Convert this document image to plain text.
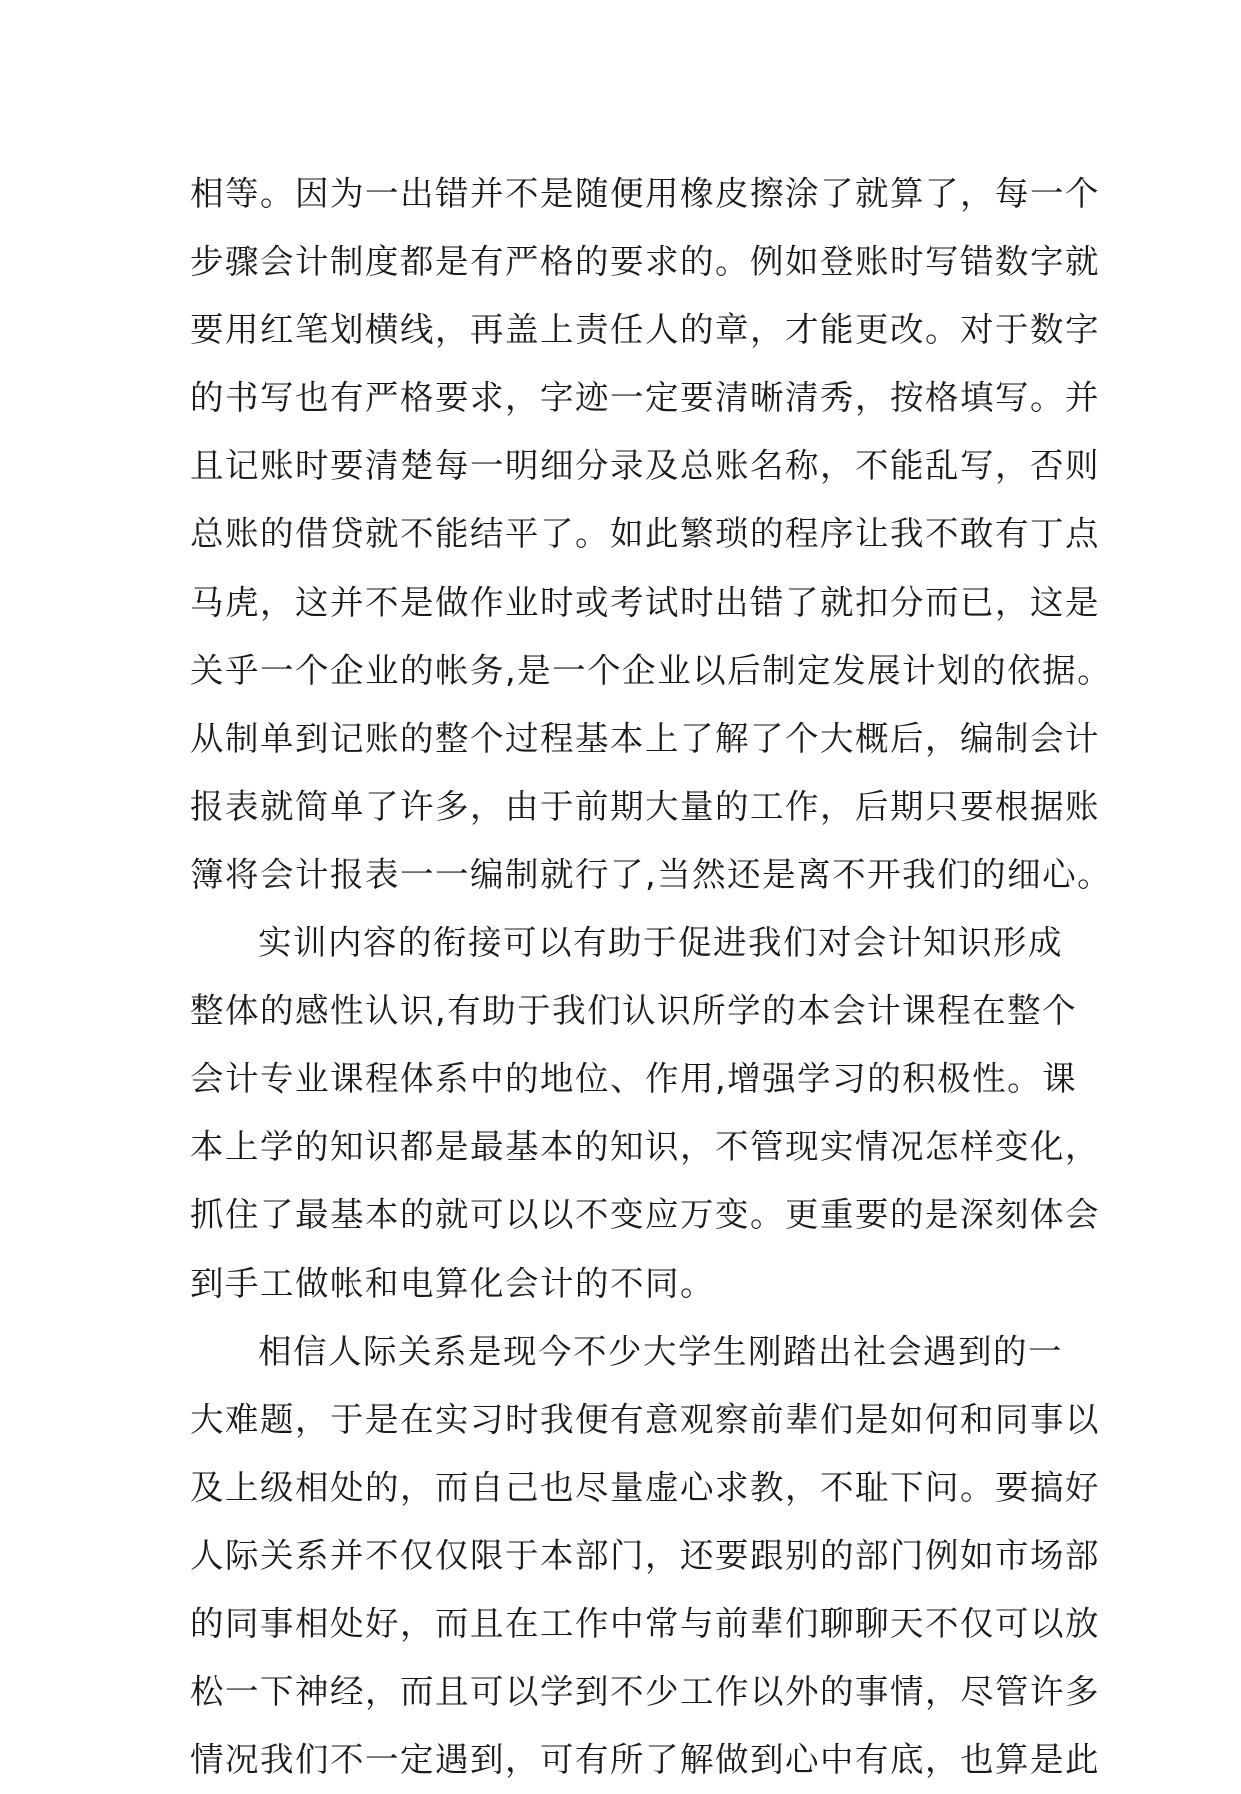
相等。因为一出错并不是随便用橡皮擦涂了就算了，每一个
步骤会计制度都是有严格的要求的。例如登账时写错数字就
要用红笔划横线，再盖上责任人的章，才能更改。对于数字
的书写也有严格要求，字迹一定要清晰清秀，按格填写。并
且记账时要清楚每一明细分录及总账名称，不能乱写，否则
总账的借贷就不能结平了。如此繁琐的程序让我不敢有丁点
马虎，这并不是做作业时或考试时出错了就扣分而已，这是
关乎一个企业的帐务,是一个企业以后制定发展计划的依据。
从制单到记账的整个过程基本上了解了个大概后，编制会计
报表就简单了许多，由于前期大量的工作，后期只要根据账
簿将会计报表一一编制就行了,当然还是离不开我们的细心。
实训内容的衔接可以有助于促进我们对会计知识形成
整体的感性认识,有助于我们认识所学的本会计课程在整个
会计专业课程体系中的地位、作用,增强学习的积极性。课
本上学的知识都是最基本的知识，不管现实情况怎样变化，
抓住了最基本的就可以以不变应万变。更重要的是深刻体会
到手工做帐和电算化会计的不同。
相信人际关系是现今不少大学生刚踏出社会遇到的一
大难题，于是在实习时我便有意观察前辈们是如何和同事以
及上级相处的，而自己也尽量虚心求教，不耻下问。要搞好
人际关系并不仅仅限于本部门，还要跟别的部门例如市场部
的同事相处好，而且在工作中常与前辈们聊聊天不仅可以放
松一下神经，而且可以学到不少工作以外的事情，尽管许多
情况我们不一定遇到，可有所了解做到心中有底，也算是此
